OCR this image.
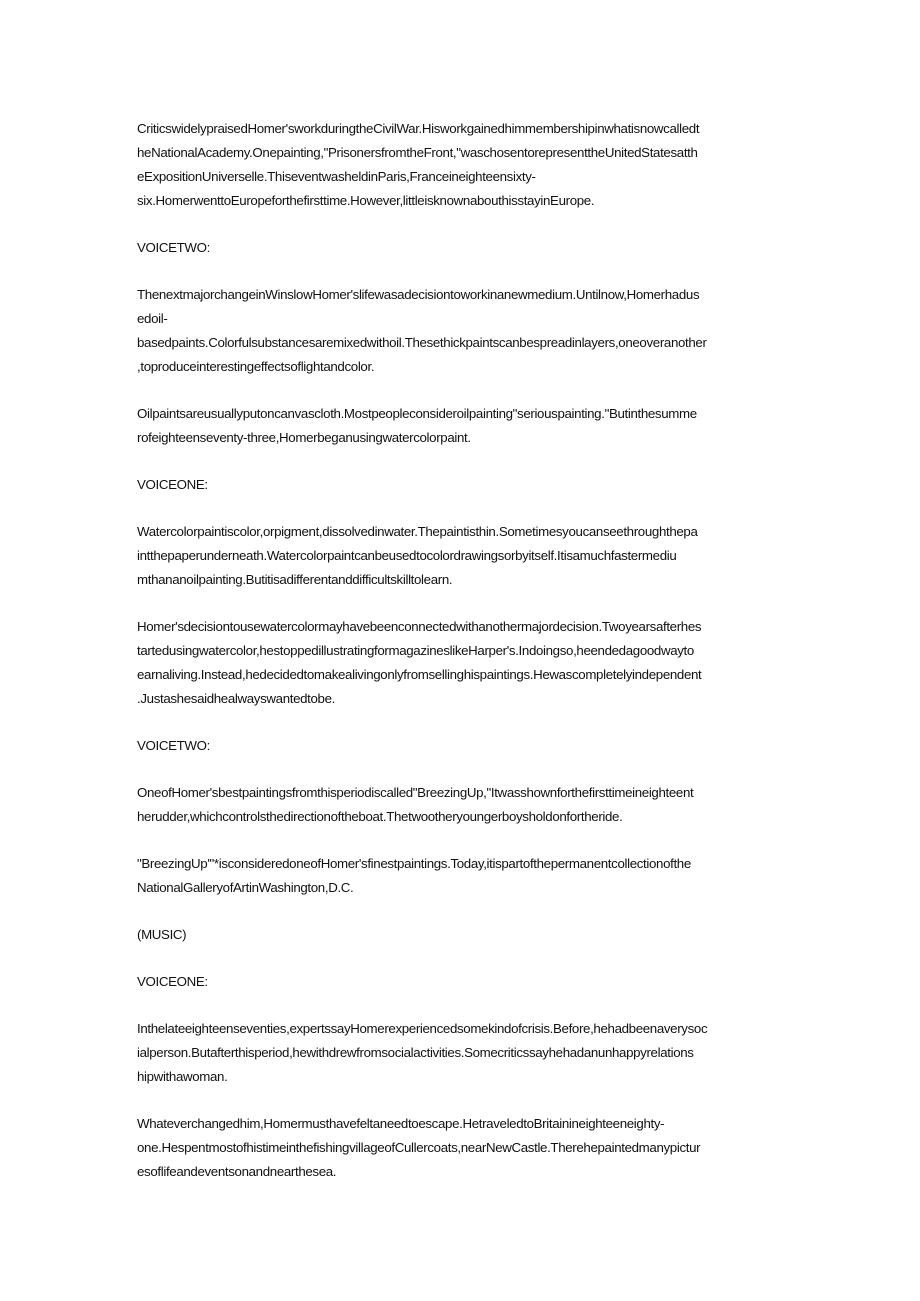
CriticswidelypraisedHomer'sworkduringtheCivilWar.Hisworkgainedhimmembershipinwhatisnowcalledt
heNationalAcademy.Onepainting,"PrisonersfromtheFront,"waschosentorepresenttheUnitedStatesatth
eExpositionUniverselle.ThiseventwasheldinParis,Franceineighteensixty-
six.HomerwenttoEuropeforthefirsttime.However,littleisknownabouthisstayinEurope.
VOICETWO:
ThenextmajorchangeinWinslowHomer'slifewasadecisiontoworkinanewmedium.Untilnow,Homerhadus
edoil-
basedpaints.Colorfulsubstancesaremixedwithoil.Thesethickpaintscanbespreadinlayers,oneoveranother
,toproduceinterestingeffectsoflightandcolor.
Oilpaintsareusuallyputoncanvascloth.Mostpeopleconsideroilpainting"seriouspainting."Butinthesumme
rofeighteenseventy-three,Homerbeganusingwatercolorpaint.
VOICEONE:
Watercolorpaintiscolor,orpigment,dissolvedinwater.Thepaintisthin.Sometimesyoucanseethroughthepa
intthepaperunderneath.Watercolorpaintcanbeusedtocolordrawingsorbyitself.Itisamuchfastermediu
mthananoilpainting.Butitisadifferentanddifficultskilltolearn.
Homer'sdecisiontousewatercolormayhavebeenconnectedwithanothermajordecision.Twoyearsafterhes
tartedusingwatercolor,hestoppedillustratingformagazineslikeHarper's.Indoingso,heendedagoodwayto
earnaliving.Instead,hedecidedtomakealivingonlyfromsellinghispaintings.Hewascompletelyindependent
.Justashesaidhealwayswantedtobe.
VOICETWO:
OneofHomer'sbestpaintingsfromthisperiodiscalled"BreezingUp,"Itwasshownforthefirsttimeineighteent
herudder,whichcontrolsthedirectionoftheboat.Thetwootheryoungerboysholdonfortheride.
"BreezingUp'"*isconsideredoneofHomer'sfinestpaintings.Today,itispartofthepermanentcollectionofthe
NationalGalleryofArtinWashington,D.C.
(MUSIC)
VOICEONE:
Inthelateeighteenseventies,expertssayHomerexperiencedsomekindofcrisis.Before,hehadbeenaverysoc
ialperson.Butafterthisperiod,hewithdrewfromsocialactivities.Somecriticssayhehadanunhappyrelations
hipwithawoman.
Whateverchangedhim,Homermusthavefeltaneedtoescape.HetraveledtoBritainineighteeneighty-
one.HespentmostofhistimeinthefishingvillageofCullercoats,nearNewCastle.Therehepaintedmanypictur
esoflifeandeventsonandnearthesea.
